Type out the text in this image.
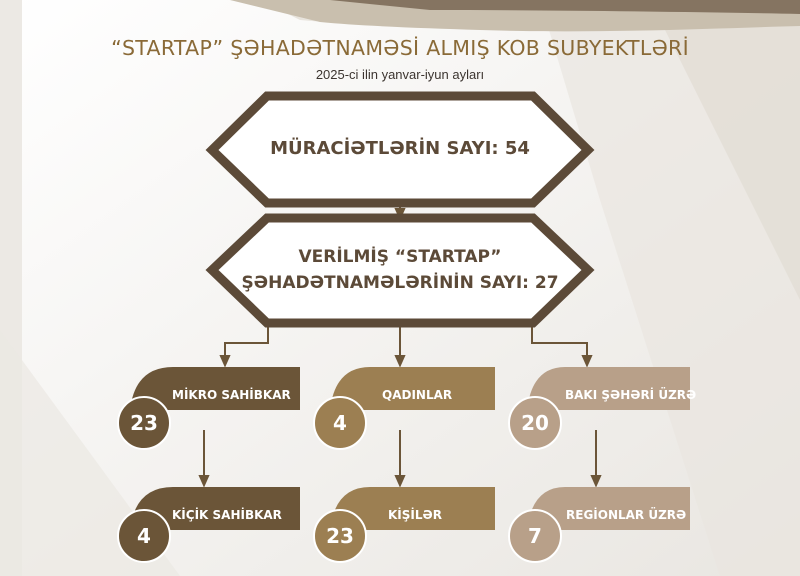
“STARTAP” ŞƏHADƏTNAMƏSİ ALMIŞ KOB SUBYEKTLƏRİ
2025-ci ilin yanvar-iyun ayları
MÜRACİƏTLƏRİN SAYI: 54
VERİLMİŞ “STARTAP”
ŞƏHADƏTNAMƏLƏRİNİN SAYI: 27
MİKRO SAHİBKAR	QADINLAR	BAKI ŞƏHƏRİ ÜZRƏ
KİÇİK SAHİBKAR	KİŞİLƏR	REGİONLAR ÜZRƏ
23	4	20
4	23	7
